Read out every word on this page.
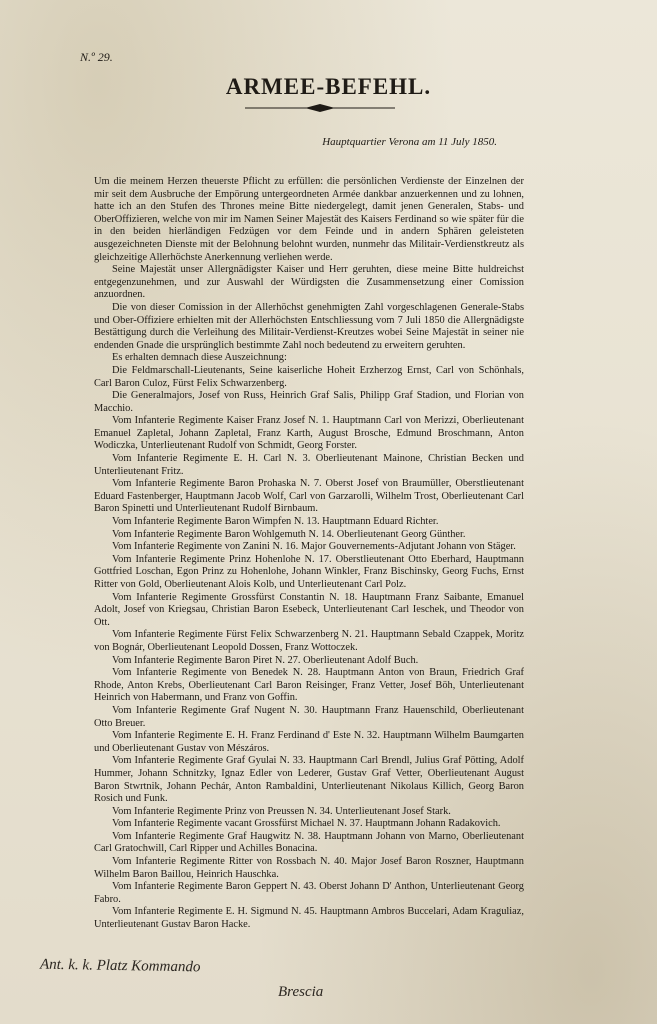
N.º 29.
ARMEE-BEFEHL.
Hauptquartier Verona am 11 July 1850.

Um die meinem Herzen theuerste Pflicht zu erfüllen: die persönlichen Verdienste der Einzelnen der mir seit dem Ausbruche der Empörung untergeordneten Armée dankbar anzuerkennen und zu lohnen, hatte ich an den Stufen des Thrones meine Bitte niedergelegt, damit jenen Generalen, Stabs- und OberOffizieren, welche von mir im Namen Seiner Majestät des Kaisers Ferdinand so wie später für die in den beiden hierländigen Fedzügen vor dem Feinde und in andern Sphären geleisteten ausgezeichneten Dienste mit der Belohnung belohnt wurden, nunmehr das Militair-Verdienstkreutz als gleichzeitige Allerhöchste Anerkennung verliehen werde.

Seine Majestät unser Allergnädigster Kaiser und Herr geruhten, diese meine Bitte huldreichst entgegenzunehmen, und zur Auswahl der Würdigsten die Zusammensetzung einer Comission anzuordnen.

Die von dieser Comission in der Allerhöchst genehmigten Zahl vorgeschlagenen Generale-Stabs und Ober-Offiziere erhielten mit der Allerhöchsten Entschliessung vom 7 Juli 1850 die Allergnädigste Bestättigung durch die Verleihung des Militair-Verdienst-Kreutzes wobei Seine Majestät in seiner nie endenden Gnade die ursprünglich bestimmte Zahl noch bedeutend zu erweitern geruhten.

Es erhalten demnach diese Auszeichnung:

Die Feldmarschall-Lieutenants, Seine kaiserliche Hoheit Erzherzog Ernst, Carl von Schönhals, Carl Baron Culoz, Fürst Felix Schwarzenberg.

Die Generalmajors, Josef von Russ, Heinrich Graf Salis, Philipp Graf Stadion, und Florian von Macchio.

Vom Infanterie Regimente Kaiser Franz Josef N. 1. Hauptmann Carl von Merizzi, Oberlieutenant Emanuel Zapletal, Johann Zapletal, Franz Karth, August Brosche, Edmund Broschmann, Anton Wodiczka, Unterlieutenant Rudolf von Schmidt, Georg Forster.

Vom Infanterie Regimente E. H. Carl N. 3. Oberlieutenant Mainone, Christian Becken und Unterlieutenant Fritz.

Vom Infanterie Regimente Baron Prohaska N. 7. Oberst Josef von Braumüller, Oberstlieutenant Eduard Fastenberger, Hauptmann Jacob Wolf, Carl von Garzarolli, Wilhelm Trost, Oberlieutenant Carl Baron Spinetti und Unterlieutenant Rudolf Birnbaum.

Vom Infanterie Regimente Baron Wimpfen N. 13. Hauptmann Eduard Richter.

Vom Infanterie Regimente Baron Wohlgemuth N. 14. Oberlieutenant Georg Günther.

Vom Infanterie Regimente von Zanini N. 16. Major Gouvernements-Adjutant Johann von Stäger.

Vom Infanterie Regimente Prinz Hohenlohe N. 17. Oberstlieutenant Otto Eberhard, Hauptmann Gottfried Loschan, Egon Prinz zu Hohenlohe, Johann Winkler, Franz Bischinsky, Georg Fuchs, Ernst Ritter von Gold, Oberlieutenant Alois Kolb, und Unterlieutenant Carl Polz.

Vom Infanterie Regimente Grossfürst Constantin N. 18. Hauptmann Franz Saibante, Emanuel Adolt, Josef von Kriegsau, Christian Baron Esebeck, Unterlieutenant Carl Ieschek, und Theodor von Ott.

Vom Infanterie Regimente Fürst Felix Schwarzenberg N. 21. Hauptmann Sebald Czappek, Moritz von Bognár, Oberlieutenant Leopold Dossen, Franz Wottoczek.

Vom Infanterie Regimente Baron Piret N. 27. Oberlieutenant Adolf Buch.

Vom Infanterie Regimente von Benedek N. 28. Hauptmann Anton von Braun, Friedrich Graf Rhode, Anton Krebs, Oberlieutenant Carl Baron Reisinger, Franz Vetter, Josef Böh, Unterlieutenant Heinrich von Habermann, und Franz von Goffin.

Vom Infanterie Regimente Graf Nugent N. 30. Hauptmann Franz Hauenschild, Oberlieutenant Otto Breuer.

Vom Infanterie Regimente E. H. Franz Ferdinand d' Este N. 32. Hauptmann Wilhelm Baumgarten und Oberlieutenant Gustav von Mészáros.

Vom Infanterie Regimente Graf Gyulai N. 33. Hauptmann Carl Brendl, Julius Graf Pötting, Adolf Hummer, Johann Schnitzky, Ignaz Edler von Lederer, Gustav Graf Vetter, Oberlieutenant August Baron Stwrtnik, Johann Pechár, Anton Rambaldini, Unterlieutenant Nikolaus Killich, Georg Baron Rosich und Funk.

Vom Infanterie Regimente Prinz von Preussen N. 34. Unterlieutenant Josef Stark.

Vom Infanterie Regimente vacant Grossfürst Michael N. 37. Hauptmann Johann Radakovich.

Vom Infanterie Regimente Graf Haugwitz N. 38. Hauptmann Johann von Marno, Oberlieutenant Carl Gratochwill, Carl Ripper und Achilles Bonacina.

Vom Infanterie Regimente Ritter von Rossbach N. 40. Major Josef Baron Roszner, Hauptmann Wilhelm Baron Baillou, Heinrich Hauschka.

Vom Infanterie Regimente Baron Geppert N. 43. Oberst Johann D' Anthon, Unterlieutenant Georg Fabro.

Vom Infanterie Regimente E. H. Sigmund N. 45. Hauptmann Ambros Buccelari, Adam Kraguliaz, Unterlieutenant Gustav Baron Hacke.

Ant. k. k. Platz Kommando
Brescia
